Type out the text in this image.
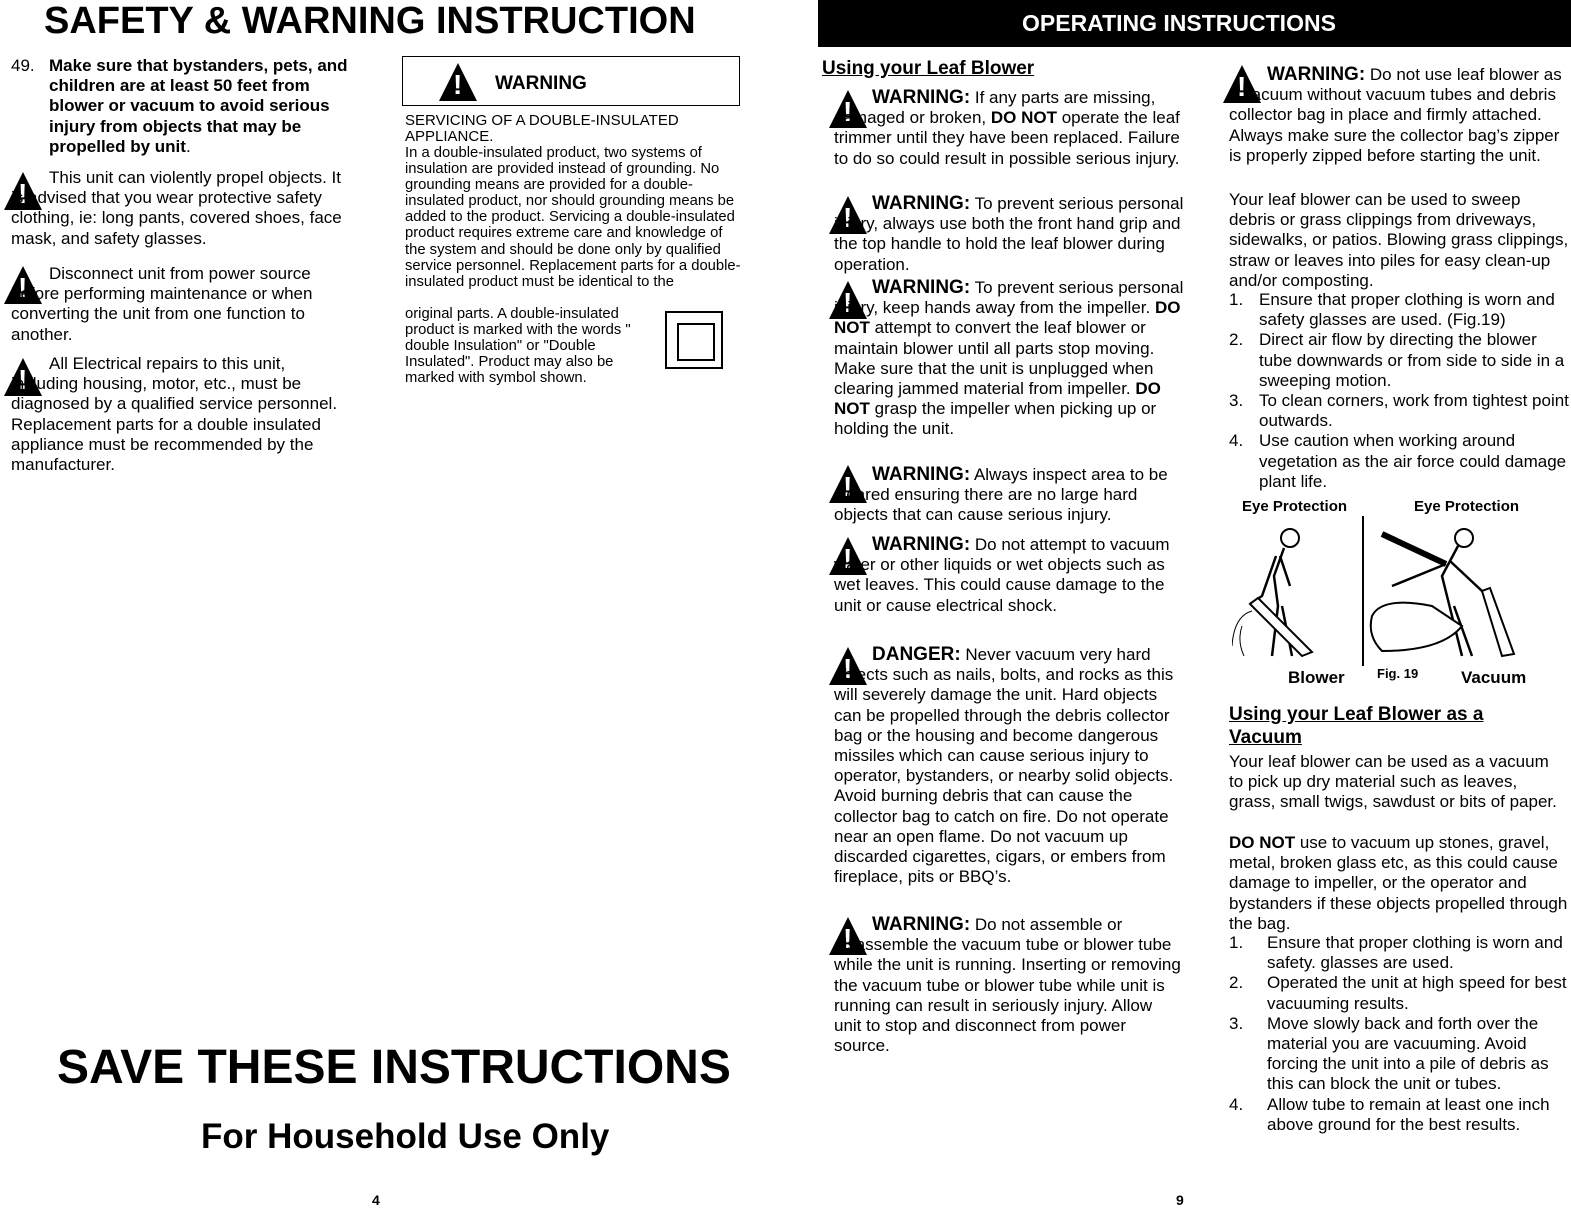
SAFETY & WARNING INSTRUCTION
49. Make sure that bystanders, pets, and children are at least 50 feet from blower or vacuum to avoid serious injury from objects that may be propelled by unit.
!
This unit can violently propel objects. It is advised that you wear protective safety clothing, ie: long pants, covered shoes, face mask, and safety glasses.
!
Disconnect unit from power source before performing maintenance or when converting the unit from one function to another.
!
All Electrical repairs to this unit, including housing, motor, etc., must be diagnosed by a qualified service personnel. Replacement parts for a double insulated appliance must be recommended by the manufacturer.
!
WARNING
SERVICING OF A DOUBLE-INSULATED APPLIANCE.
In a double-insulated product, two systems of insulation are provided instead of grounding. No grounding means are provided for a double-insulated product, nor should grounding means be added to the product. Servicing a double-insulated product requires extreme care and knowledge of the system and should be done only by qualified service personnel. Replacement parts for a double-insulated product must be identical to the
original parts. A double-insulated product is marked with the words " double Insulation" or "Double Insulated". Product may also be marked with symbol shown.
SAVE THESE INSTRUCTIONS
For Household Use Only
4
OPERATING INSTRUCTIONS
Using your Leaf Blower
!
WARNING: If any parts are missing, damaged or broken, DO NOT operate the leaf trimmer until they have been replaced. Failure to do so could result in possible serious injury.
!
WARNING: To prevent serious personal injury, always use both the front hand grip and the top handle to hold the leaf blower during operation.
!
WARNING: To prevent serious personal injury, keep hands away from the impeller. DO NOT attempt to convert the leaf blower or maintain blower until all parts stop moving. Make sure that the unit is unplugged when clearing jammed material from impeller. DO NOT grasp the impeller when picking up or holding the unit.
!
WARNING: Always inspect area to be cleared ensuring there are no large hard objects that can cause serious injury.
!
WARNING: Do not attempt to vacuum water or other liquids or wet objects such as wet leaves. This could cause damage to the unit or cause electrical shock.
!
DANGER: Never vacuum very hard objects such as nails, bolts, and rocks as this will severely damage the unit. Hard objects can be propelled through the debris collector bag or the housing and become dangerous missiles which can cause serious injury to operator, bystanders, or nearby solid objects. Avoid burning debris that can cause the collector bag to catch on fire. Do not operate near an open flame. Do not vacuum up discarded cigarettes, cigars, or embers from fireplace, pits or BBQ’s.
!
WARNING: Do not assemble or disassemble the vacuum tube or blower tube while the unit is running. Inserting or removing the vacuum tube or blower tube while unit is running can result in seriously injury. Allow unit to stop and disconnect from power source.
!
WARNING: Do not use leaf blower as a vacuum without vacuum tubes and debris collector bag in place and firmly attached. Always make sure the collector bag’s zipper is properly zipped before starting the unit.
Your leaf blower can be used to sweep debris or grass clippings from driveways, sidewalks, or patios. Blowing grass clippings, straw or leaves into piles for easy clean-up and/or composting.
1. Ensure that proper clothing is worn and safety glasses are used. (Fig.19)
2. Direct air flow by directing the blower tube downwards or from side to side in a sweeping motion.
3. To clean corners, work from tightest point outwards.
4. Use caution when working around vegetation as the air force could damage plant life.
Eye Protection	Eye Protection
Blower Fig. 19	Vacuum
Using your Leaf Blower as a Vacuum
Your leaf blower can be used as a vacuum to pick up dry material such as leaves, grass, small twigs, sawdust or bits of paper.
DO NOT use to vacuum up stones, gravel, metal, broken glass etc, as this could cause damage to impeller, or the operator and bystanders if these objects propelled through the bag.
1. Ensure that proper clothing is worn and safety. glasses are used.
2. Operated the unit at high speed for best vacuuming results.
3. Move slowly back and forth over the material you are vacuuming. Avoid forcing the unit into a pile of debris as this can block the unit or tubes.
4. Allow tube to remain at least one inch above ground for the best results.
9
